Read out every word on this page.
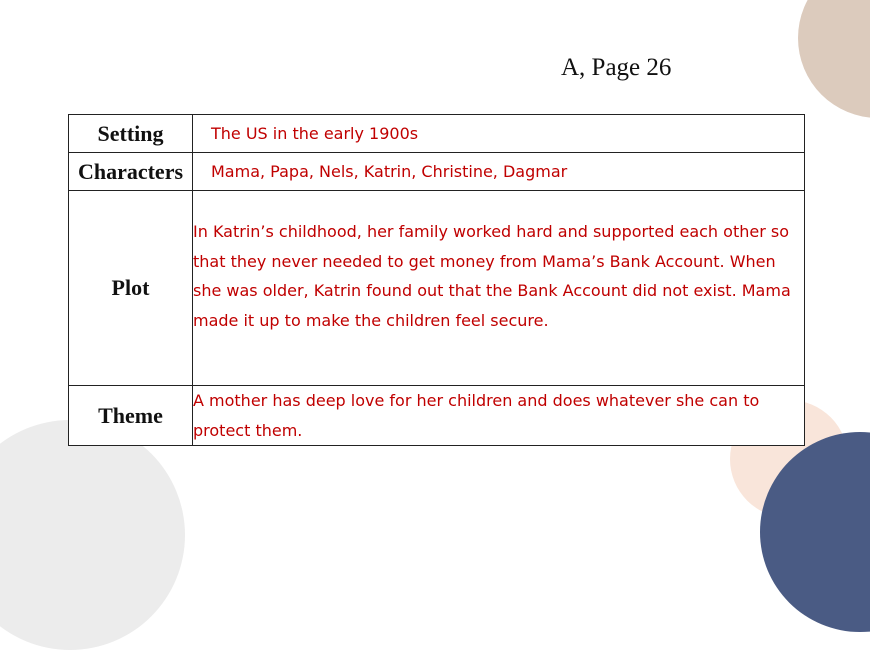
A, Page 26
Setting	The US in the early 1900s
Characters	Mama, Papa, Nels, Katrin, Christine, Dagmar
Plot	In Katrin’s childhood, her family worked hard and supported each other so that they never needed to get money from Mama’s Bank Account. When she was older, Katrin found out that the Bank Account did not exist. Mama made it up to make the children feel secure.
Theme	A mother has deep love for her children and does whatever she can to protect them.
